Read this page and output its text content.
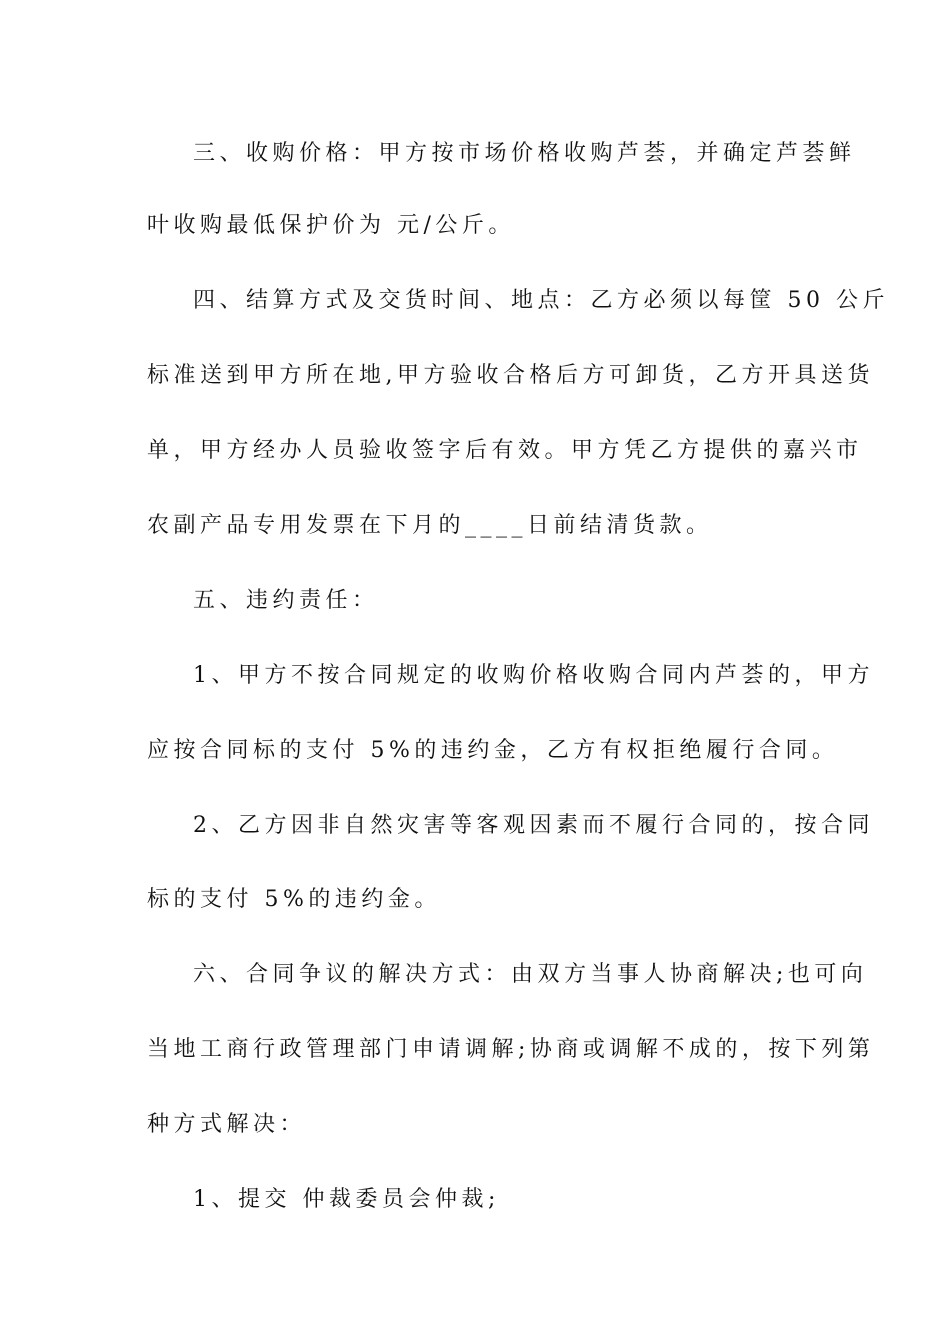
三、收购价格：甲方按市场价格收购芦荟，并确定芦荟鲜
叶收购最低保护价为 元/公斤。
四、结算方式及交货时间、地点：乙方必须以每筐 50 公斤
标准送到甲方所在地,甲方验收合格后方可卸货，乙方开具送货
单，甲方经办人员验收签字后有效。甲方凭乙方提供的嘉兴市
农副产品专用发票在下月的____日前结清货款。
五、违约责任：
1、甲方不按合同规定的收购价格收购合同内芦荟的，甲方
应按合同标的支付 5%的违约金，乙方有权拒绝履行合同。
2、乙方因非自然灾害等客观因素而不履行合同的，按合同
标的支付 5%的违约金。
六、合同争议的解决方式：由双方当事人协商解决;也可向
当地工商行政管理部门申请调解;协商或调解不成的，按下列第
种方式解决：
1、提交 仲裁委员会仲裁;
